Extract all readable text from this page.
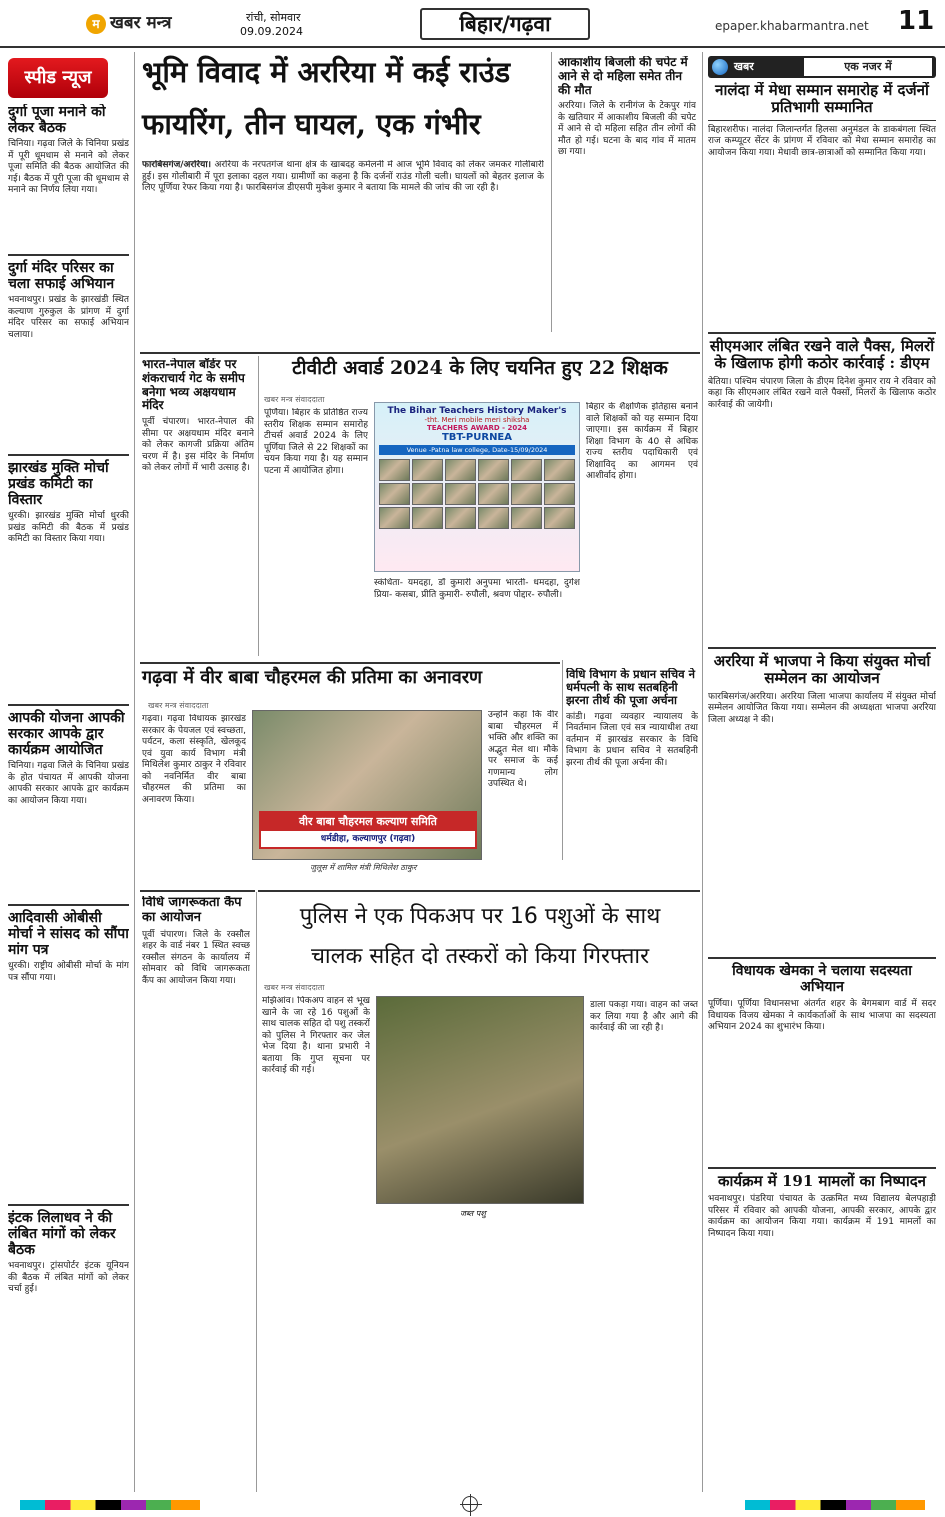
म खबर मन्त्र	रांची, सोमवार
09.09.2024	बिहार/गढ़वा	epaper.khabarmantra.net 11
स्पीड न्यूज
दुर्गा पूजा मनाने को लेकर बैठक
चिनिया। गढ़वा जिले के चिनिया प्रखंड में पूरी धूमधाम से मनाने को लेकर पूजा समिति की बैठक आयोजित की गई। बैठक में पूरी पूजा की धूमधाम से मनाने का निर्णय लिया गया।
दुर्गा मंदिर परिसर का चला सफाई अभियान
भवनाथपुर। प्रखंड के झारखंडी स्थित कल्याण गुरुकुल के प्रांगण में दुर्गा मंदिर परिसर का सफाई अभियान चलाया।
झारखंड मुक्ति मोर्चा प्रखंड कमिटी का विस्तार
धुरकी। झारखंड मुक्ति मोर्चा धुरकी प्रखंड कमिटी की बैठक में प्रखंड कमिटी का विस्तार किया गया।
आपकी योजना आपकी सरकार आपके द्वार कार्यक्रम आयोजित
चिनिया। गढ़वा जिले के चिनिया प्रखंड के होत पंचायत में आपकी योजना आपकी सरकार आपके द्वार कार्यक्रम का आयोजन किया गया।
आदिवासी ओबीसी मोर्चा ने सांसद को सौंपा मांग पत्र
धुरकी। राष्ट्रीय ओबीसी मोर्चा के मांग पत्र सौंपा गया।
इंटक लिलाधव ने की लंबित मांगों को लेकर बैठक
भवनाथपुर। ट्रांसपोर्टर इंटक यूनियन की बैठक में लंबित मांगों को लेकर चर्चा हुई।
भूमि विवाद में अररिया में कई राउंड
फायरिंग, तीन घायल, एक गंभीर
फारबिसगंज/अररिया। अररिया के नरपतगंज थाना क्षेत्र के खाबदह कमेलनी में आज भूमि विवाद को लेकर जमकर गोलीबारी हुई। इस गोलीबारी में पूरा इलाका दहल गया। ग्रामीणों का कहना है कि दर्जनों राउंड गोली चली। घायलों को बेहतर इलाज के लिए पूर्णिया रेफर किया गया है। फारबिसगंज डीएसपी मुकेश कुमार ने बताया कि मामले की जांच की जा रही है।
आकाशीय बिजली की चपेट में आने से दो महिला समेत तीन की मौत
अररिया। जिले के रानीगंज के टेकपुर गांव के खतियार में आकाशीय बिजली की चपेट में आने से दो महिला सहित तीन लोगों की मौत हो गई। घटना के बाद गांव में मातम छा गया।
भारत-नेपाल बॉर्डर पर शंकराचार्य गेट के समीप बनेगा भव्य अक्षयधाम मंदिर
पूर्वी चंपारण। भारत-नेपाल की सीमा पर अक्षयधाम मंदिर बनाने को लेकर कागजी प्रक्रिया अंतिम चरण में है। इस मंदिर के निर्माण को लेकर लोगों में भारी उत्साह है।
टीवीटी अवार्ड 2024 के लिए चयनित हुए 22 शिक्षक
खबर मन्त्र संवाददाता
पूर्णिया। बिहार के प्रतिष्ठित राज्य स्तरीय शिक्षक सम्मान समारोह टीचर्स अवार्ड 2024 के लिए पूर्णिया जिले से 22 शिक्षकों का चयन किया गया है। यह सम्मान पटना में आयोजित होगा।
The Bihar Teachers History Maker's
-tht. Meri mobile meri shiksha
TEACHERS AWARD - 2024
TBT-PURNEA
Venue -Patna law college, Date-15/09/2024
स्कंधिता- यमदहा, डॉ कुमारी अनुपमा भारती- धमदहा, दुर्गेश प्रिया- कसबा, प्रीति कुमारी- रुपौली, श्रवण पोद्दार- रुपौली।
बिहार के शैक्षणिक इतिहास बनाने वाले शिक्षकों को यह सम्मान दिया जाएगा। इस कार्यक्रम में बिहार शिक्षा विभाग के 40 से अधिक राज्य स्तरीय पदाधिकारी एवं शिक्षाविद् का आगमन एवं आशीर्वाद होगा।
गढ़वा में वीर बाबा चौहरमल की प्रतिमा का अनावरण
खबर मन्त्र संवाददाता
गढ़वा। गढ़वा विधायक झारखंड सरकार के पेयजल एवं स्वच्छता, पर्यटन, कला संस्कृति, खेलकूद एवं युवा कार्य विभाग मंत्री मिथिलेश कुमार ठाकुर ने रविवार को नवनिर्मित वीर बाबा चौहरमल की प्रतिमा का अनावरण किया।
वीर बाबा चौहरमल कल्याण समिति
धर्मडीहा, कल्याणपुर (गढ़वा)
जुलूस में शामिल मंत्री मिथिलेश ठाकुर
उन्होंने कहा कि वीर बाबा चौहरमल में भक्ति और शक्ति का अद्भुत मेल था। मौके पर समाज के कई गणमान्य लोग उपस्थित थे।
विधि विभाग के प्रधान सचिव ने धर्मपत्नी के साथ सतबहिनी झरना तीर्थ की पूजा अर्चना
कांडी। गढ़वा व्यवहार न्यायालय के निवर्तमान जिला एवं सत्र न्यायाधीश तथा वर्तमान में झारखंड सरकार के विधि विभाग के प्रधान सचिव ने सतबहिनी झरना तीर्थ की पूजा अर्चना की।
विधि जागरूकता कैंप का आयोजन
पूर्वी चंपारण। जिले के रक्सौल शहर के वार्ड नंबर 1 स्थित स्वच्छ रक्सौल संगठन के कार्यालय में सोमवार को विधि जागरूकता कैंप का आयोजन किया गया।
पुलिस ने एक पिकअप पर 16 पशुओं के साथ
चालक सहित दो तस्करों को किया गिरफ्तार
खबर मन्त्र संवाददाता
मझिआंव। पिकअप वाहन से भूख खाने के जा रहे 16 पशुओं के साथ चालक सहित दो पशु तस्करों को पुलिस ने गिरफ्तार कर जेल भेज दिया है। थाना प्रभारी ने बताया कि गुप्त सूचना पर कार्रवाई की गई।
जब्त पशु
डाला पकड़ा गया। वाहन को जब्त कर लिया गया है और आगे की कार्रवाई की जा रही है।
खबर	एक नजर में
नालंदा में मेधा सम्मान समारोह में दर्जनों प्रतिभागी सम्मानित
बिहारशरीफ। नालंदा जिलान्तर्गत हिलसा अनुमंडल के डाकबंगला स्थित राज कम्प्यूटर सेंटर के प्रांगण में रविवार को मेधा सम्मान समारोह का आयोजन किया गया। मेधावी छात्र-छात्राओं को सम्मानित किया गया।
सीएमआर लंबित रखने वाले पैक्स, मिलरों के खिलाफ होगी कठोर कार्रवाई : डीएम
बेतिया। पश्चिम चंपारण जिला के डीएम दिनेश कुमार राय ने रविवार को कहा कि सीएमआर लंबित रखने वाले पैक्सों, मिलरों के खिलाफ कठोर कार्रवाई की जायेगी।
अररिया में भाजपा ने किया संयुक्त मोर्चा सम्मेलन का आयोजन
फारबिसगंज/अररिया। अररिया जिला भाजपा कार्यालय में संयुक्त मोर्चा सम्मेलन आयोजित किया गया। सम्मेलन की अध्यक्षता भाजपा अररिया जिला अध्यक्ष ने की।
विधायक खेमका ने चलाया सदस्यता अभियान
पूर्णिया। पूर्णिया विधानसभा अंतर्गत शहर के बेगमबाग वार्ड में सदर विधायक विजय खेमका ने कार्यकर्ताओं के साथ भाजपा का सदस्यता अभियान 2024 का शुभारंभ किया।
कार्यक्रम में 191 मामलों का निष्पादन
भवनाथपुर। पंडरिया पंचायत के उत्क्रमित मध्य विद्यालय बेलपहाड़ी परिसर में रविवार को आपकी योजना, आपकी सरकार, आपके द्वार कार्यक्रम का आयोजन किया गया। कार्यक्रम में 191 मामलों का निष्पादन किया गया।
